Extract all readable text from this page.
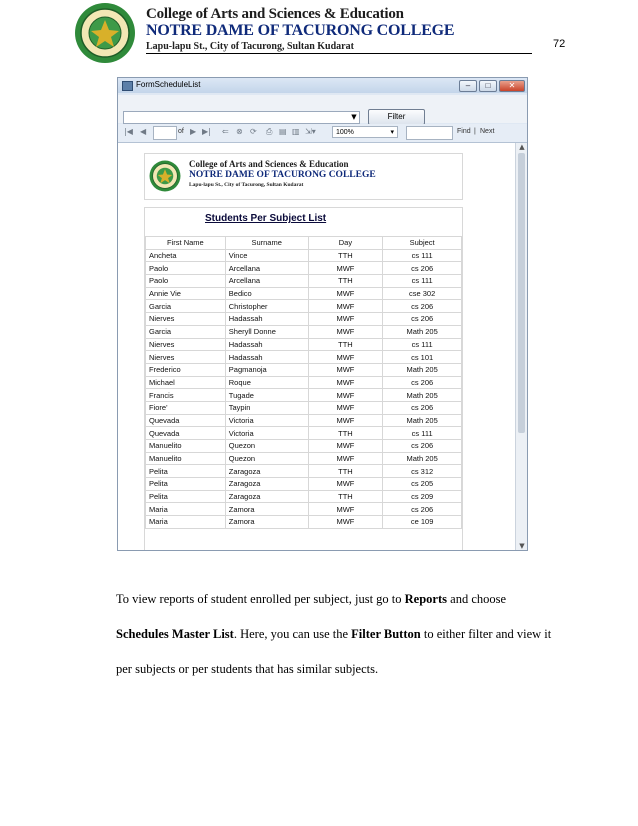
College of Arts and Sciences & Education
NOTRE DAME OF TACURONG COLLEGE
Lapu-lapu St., City of Tacurong, Sultan Kudarat	72
FormScheduleList	–	□	✕
▼	Filter
|◀ ◀	of ▶ ▶| ⇐ ⊗ ⟳ ⎙ ▤ ▥ ⇲▾	100%	▾	Find | Next
College of Arts and Sciences & Education
NOTRE DAME OF TACURONG COLLEGE
Lapu-lapu St., City of Tacurong, Sultan Kudarat
Students Per Subject List
First Name	Surname	Day	Subject
Ancheta	Vince	TTH	cs 111
Paolo	Arcellana	MWF	cs 206
Paolo	Arcellana	TTH	cs 111
Annie Vie	Bedico	MWF	cse 302
Garcia	Christopher	MWF	cs 206
Nierves	Hadassah	MWF	cs 206
Garcia	Sheryll Donne	MWF	Math 205
Nierves	Hadassah	TTH	cs 111
Nierves	Hadassah	MWF	cs 101
Frederico	Pagmanoja	MWF	Math 205
Michael	Roque	MWF	cs 206
Francis	Tugade	MWF	Math 205
Fiore'	Taypin	MWF	cs 206
Quevada	Victoria	MWF	Math 205
Quevada	Victoria	TTH	cs 111
Manuelito	Quezon	MWF	cs 206
Manuelito	Quezon	MWF	Math 205
Pelita	Zaragoza	TTH	cs 312
Pelita	Zaragoza	MWF	cs 205
Pelita	Zaragoza	TTH	cs 209
Maria	Zamora	MWF	cs 206
Maria	Zamora	MWF	ce 109
▲
▼
To view reports of student enrolled per subject, just go to Reports and choose
Schedules Master List. Here, you can use the Filter Button to either filter and view it
per subjects or per students that has similar subjects.
